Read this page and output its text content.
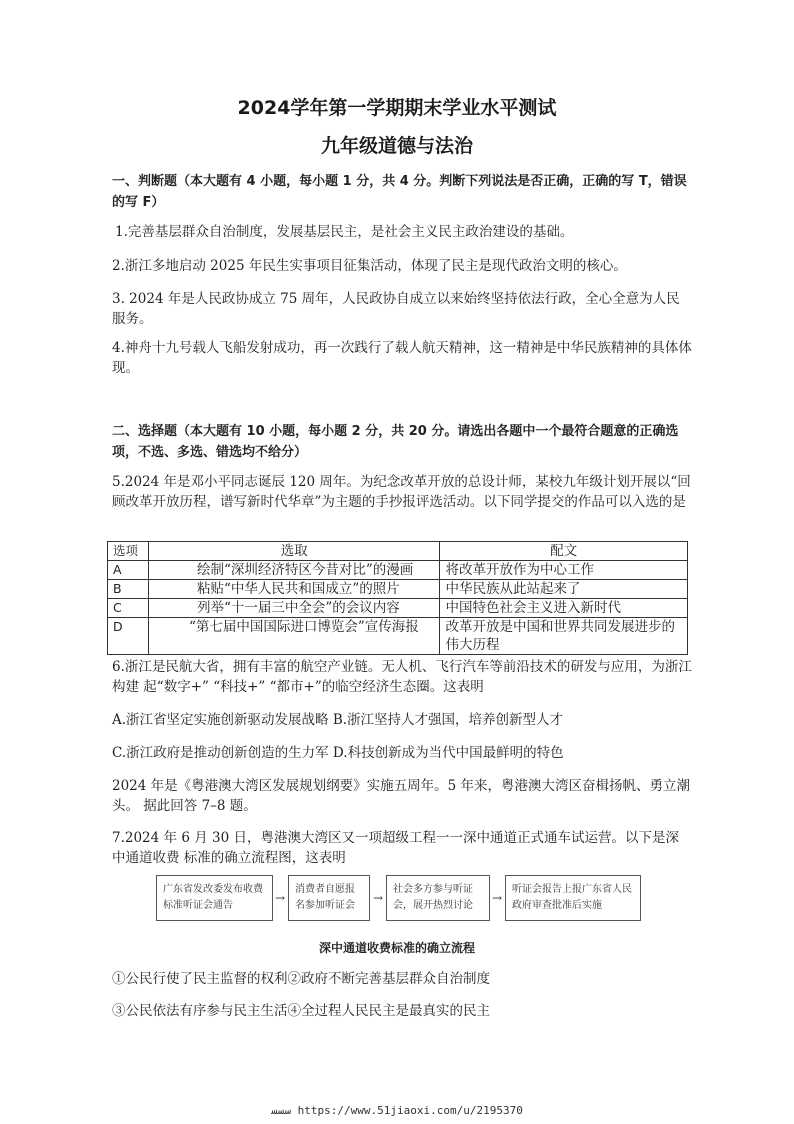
2024学年第一学期期末学业水平测试
九年级道德与法治
一、判断题（本大题有 4 小题，每小题 1 分，共 4 分。判断下列说法是否正确，正确的写 T，错误的写 F）
1.完善基层群众自治制度，发展基层民主，是社会主义民主政治建设的基础。
2.浙江多地启动 2025 年民生实事项目征集活动，体现了民主是现代政治文明的核心。
3. 2024 年是人民政协成立 75 周年，人民政协自成立以来始终坚持依法行政，全心全意为人民服务。
4.神舟十九号载人飞船发射成功，再一次践行了载人航天精神，这一精神是中华民族精神的具体体现。
二、选择题（本大题有 10 小题，每小题 2 分，共 20 分。请选出各题中一个最符合题意的正确选项，不选、多选、错选均不给分）
5.2024 年是邓小平同志诞辰 120 周年。为纪念改革开放的总设计师，某校九年级计划开展以“回顾改革开放历程，谱写新时代华章”为主题的手抄报评选活动。以下同学提交的作品可以入选的是
选项	选取	配文
A	绘制“深圳经济特区今昔对比”的漫画	将改革开放作为中心工作
B	粘贴“中华人民共和国成立”的照片	中华民族从此站起来了
C	列举“十一届三中全会”的会议内容	中国特色社会主义进入新时代
D	“第七届中国国际进口博览会”宣传海报	改革开放是中国和世界共同发展进步的伟大历程
6.浙江是民航大省，拥有丰富的航空产业链。无人机、飞行汽车等前沿技术的研发与应用，为浙江构建 起“数字+” “科技+” “都市+”的临空经济生态圈。这表明
A.浙江省坚定实施创新驱动发展战略 B.浙江坚持人才强国，培养创新型人才
C.浙江政府是推动创新创造的生力军 D.科技创新成为当代中国最鲜明的特色
2024 年是《粤港澳大湾区发展规划纲要》实施五周年。5 年来，粤港澳大湾区奋楫扬帆、勇立潮头。 据此回答 7–8 题。
7.2024 年 6 月 30 日，粤港澳大湾区又一项超级工程一一深中通道正式通车试运营。以下是深中通道收费 标准的确立流程图，这表明
广东省发改委发布收费标准听证会通告
→
消费者自愿报名参加听证会
→
社会多方参与听证会，展开热烈讨论
→
听证会报告上报广东省人民政府审查批准后实施
深中通道收费标准的确立流程
①公民行使了民主监督的权利②政府不断完善基层群众自治制度
③公民依法有序参与民主生活④全过程人民民主是最真实的民主
ﺳﺴﺴ https://www.51jiaoxi.com/u/2195370
